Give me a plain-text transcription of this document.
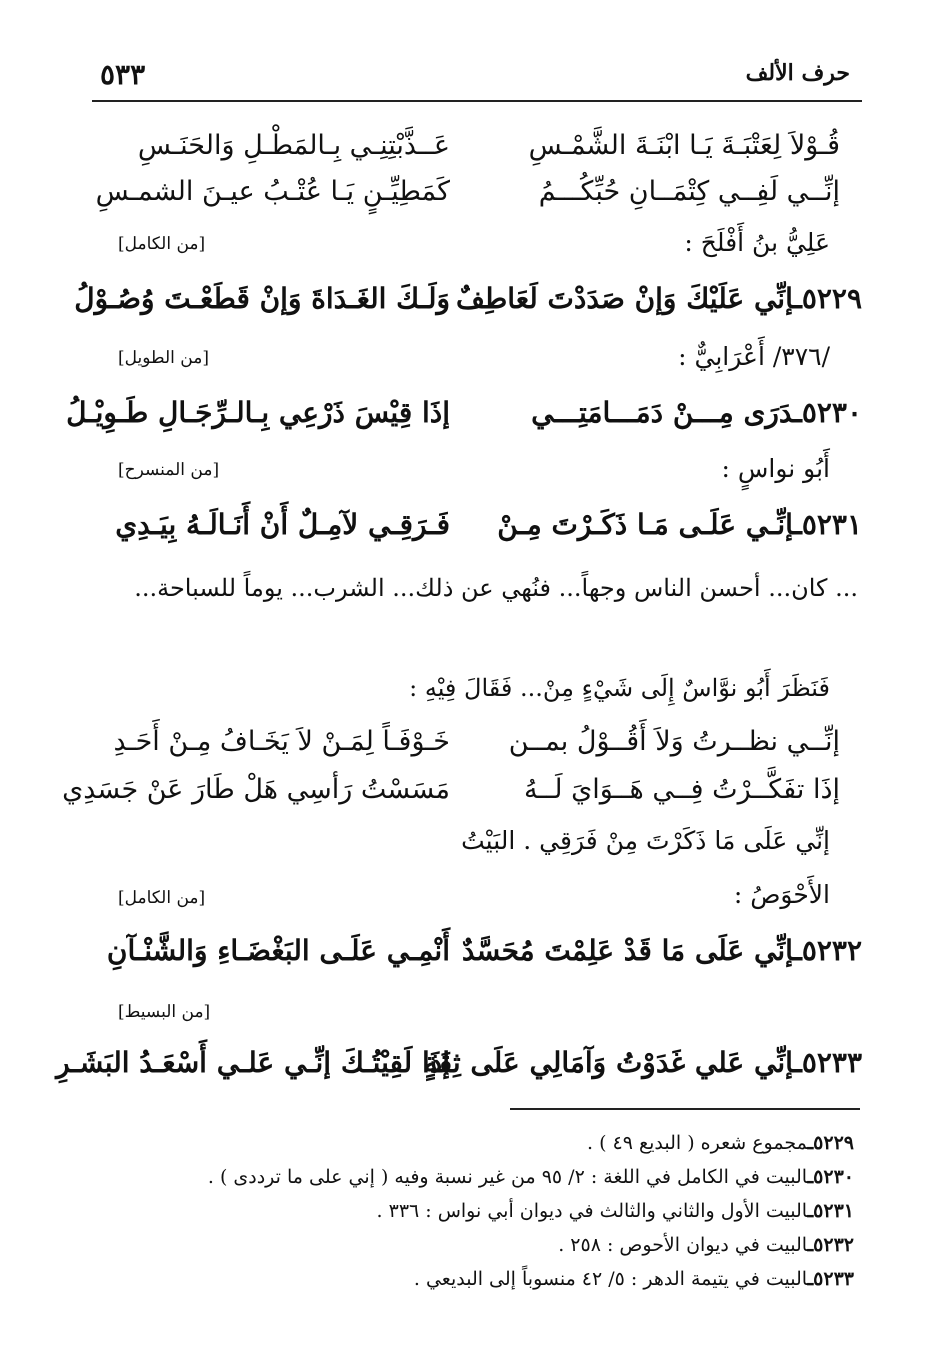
٥٣٣	حرف الألف
قُـوْلاَ لِعَتْبَـةَ يَـا ابْنَـةَ الشَّمْـسِ
عَــذَّبْتِنِـي بِـالمَطْـلِ وَالحَنَـسِ
إنِّــي لَفِــي كِتْمَــانِ حُبِّكُـــمُ
كَمَطِيِّـنٍ يَـا عُتْـبُ عيـنَ الشمـسِ
عَلِيُّ بنُ أَفْلَحَ :
[من الكامل]
٥٢٢٩ـإنِّي عَلَيْكَ وَإنْ صَدَدْتَ لَعَاطِفٌ
وَلَـكَ الغَـدَاةَ وَإنْ قَطَعْـتَ وُصُـوْلُ
/٣٧٦/ أَعْرَابِيٌّ :
[من الطويل]
٥٢٣٠ـدَرَى مِـــنْ دَمَـــامَتِـــي
إذَا قِيْسَ ذَرْعِي بِـالـرِّجَـالِ طَـوِيْـلُ
أَبُو نواسٍ :
[من المنسرح]
٥٢٣١ـإنِّـي عَلَـى مَـا ذَكَـرْتَ مِـنْ
فَـرَقِـي لآمِـلٌ أَنْ أَنَـالَـهُ بِيَـدِي
... كان... أحسن الناس وجهاً... فنُهي عن ذلك... الشرب... يوماً للسباحة...
فَنَظَرَ أَبُو نوَّاسٌ إِلَى شَيْءٍ مِنْ... فَقَالَ فِيْهِ :
إنِّــي نظــرتُ وَلاَ أَقُــوْلُ بمــن
خَـوْفَـاً لِمَـنْ لاَ يَخَـافُ مِـنْ أَحَـدِ
إذَا تفَكَّــرْتُ فِــي هَــوَايَ لَــهُ
مَسَسْتُ رَأسِي هَلْ طَارَ عَنْ جَسَدِي
إنِّي عَلَى مَا ذَكَرْتَ مِنْ فَرَقِي . البَيْتُ
الأَحْوَصُ :
[من الكامل]
٥٢٣٢ـإنِّي عَلَى مَا قَدْ عَلِمْتَ مُحَسَّدٌ
أَنْمِـي عَلَـى البَغْضَـاءِ وَالشَّنْـآنِ
[من البسيط]
٥٢٣٣ـإنِّي عَلي غَدَوْتُ وَآمَالِي عَلَى ثِقَةٍ
إذَا لَقِيْتُـكَ إنِّـي عَلـي أَسْعَـدُ البَشَـرِ
٥٢٢٩ـمجموع شعره ( البديع ٤٩ ) .
٥٢٣٠ـالبيت في الكامل في اللغة : ٢/ ٩٥ من غير نسبة وفيه ( إني على ما ترددى ) .
٥٢٣١ـالبيت الأول والثاني والثالث في ديوان أبي نواس : ٣٣٦ .
٥٢٣٢ـالبيت في ديوان الأحوص : ٢٥٨ .
٥٢٣٣ـالبيت في يتيمة الدهر : ٥/ ٤٢ منسوباً إلى البديعي .
